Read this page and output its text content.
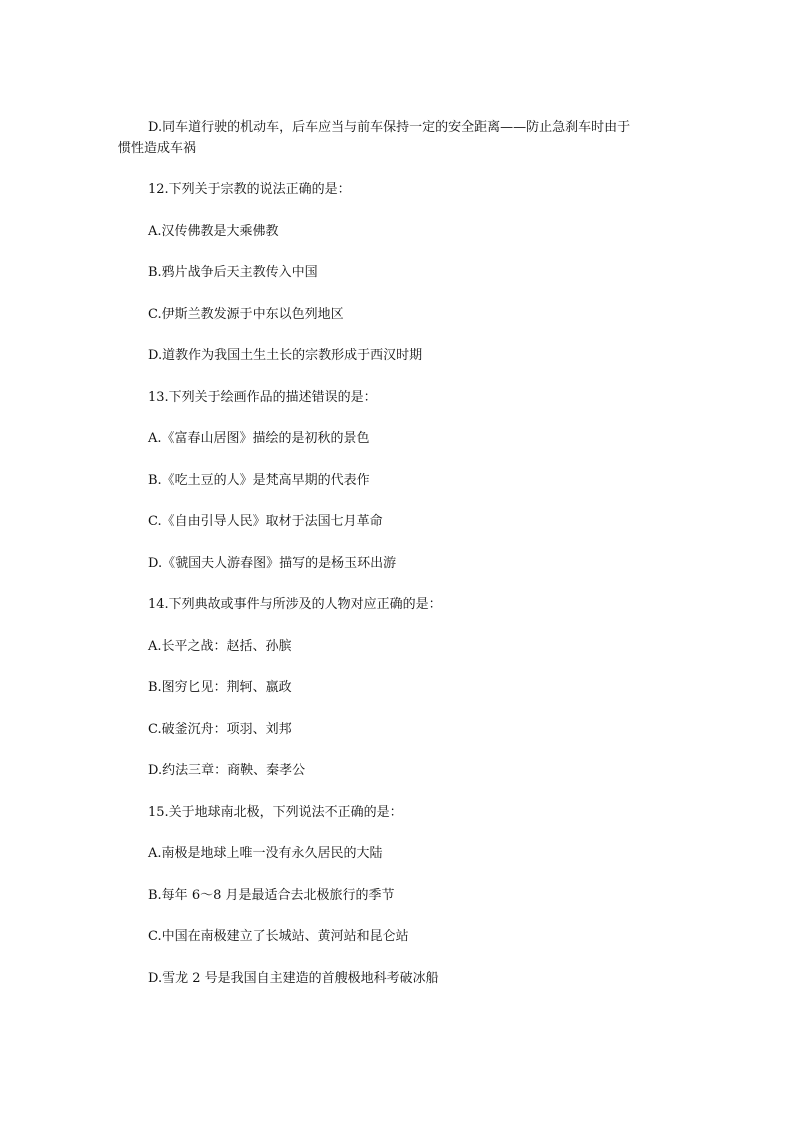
D.同车道行驶的机动车，后车应当与前车保持一定的安全距离——防止急刹车时由于
惯性造成车祸
12.下列关于宗教的说法正确的是：
A.汉传佛教是大乘佛教
B.鸦片战争后天主教传入中国
C.伊斯兰教发源于中东以色列地区
D.道教作为我国土生土长的宗教形成于西汉时期
13.下列关于绘画作品的描述错误的是：
A.《富春山居图》描绘的是初秋的景色
B.《吃土豆的人》是梵高早期的代表作
C.《自由引导人民》取材于法国七月革命
D.《虢国夫人游春图》描写的是杨玉环出游
14.下列典故或事件与所涉及的人物对应正确的是：
A.长平之战：赵括、孙膑
B.图穷匕见：荆轲、嬴政
C.破釜沉舟：项羽、刘邦
D.约法三章：商鞅、秦孝公
15.关于地球南北极，下列说法不正确的是：
A.南极是地球上唯一没有永久居民的大陆
B.每年 6～8 月是最适合去北极旅行的季节
C.中国在南极建立了长城站、黄河站和昆仑站
D.雪龙 2 号是我国自主建造的首艘极地科考破冰船
